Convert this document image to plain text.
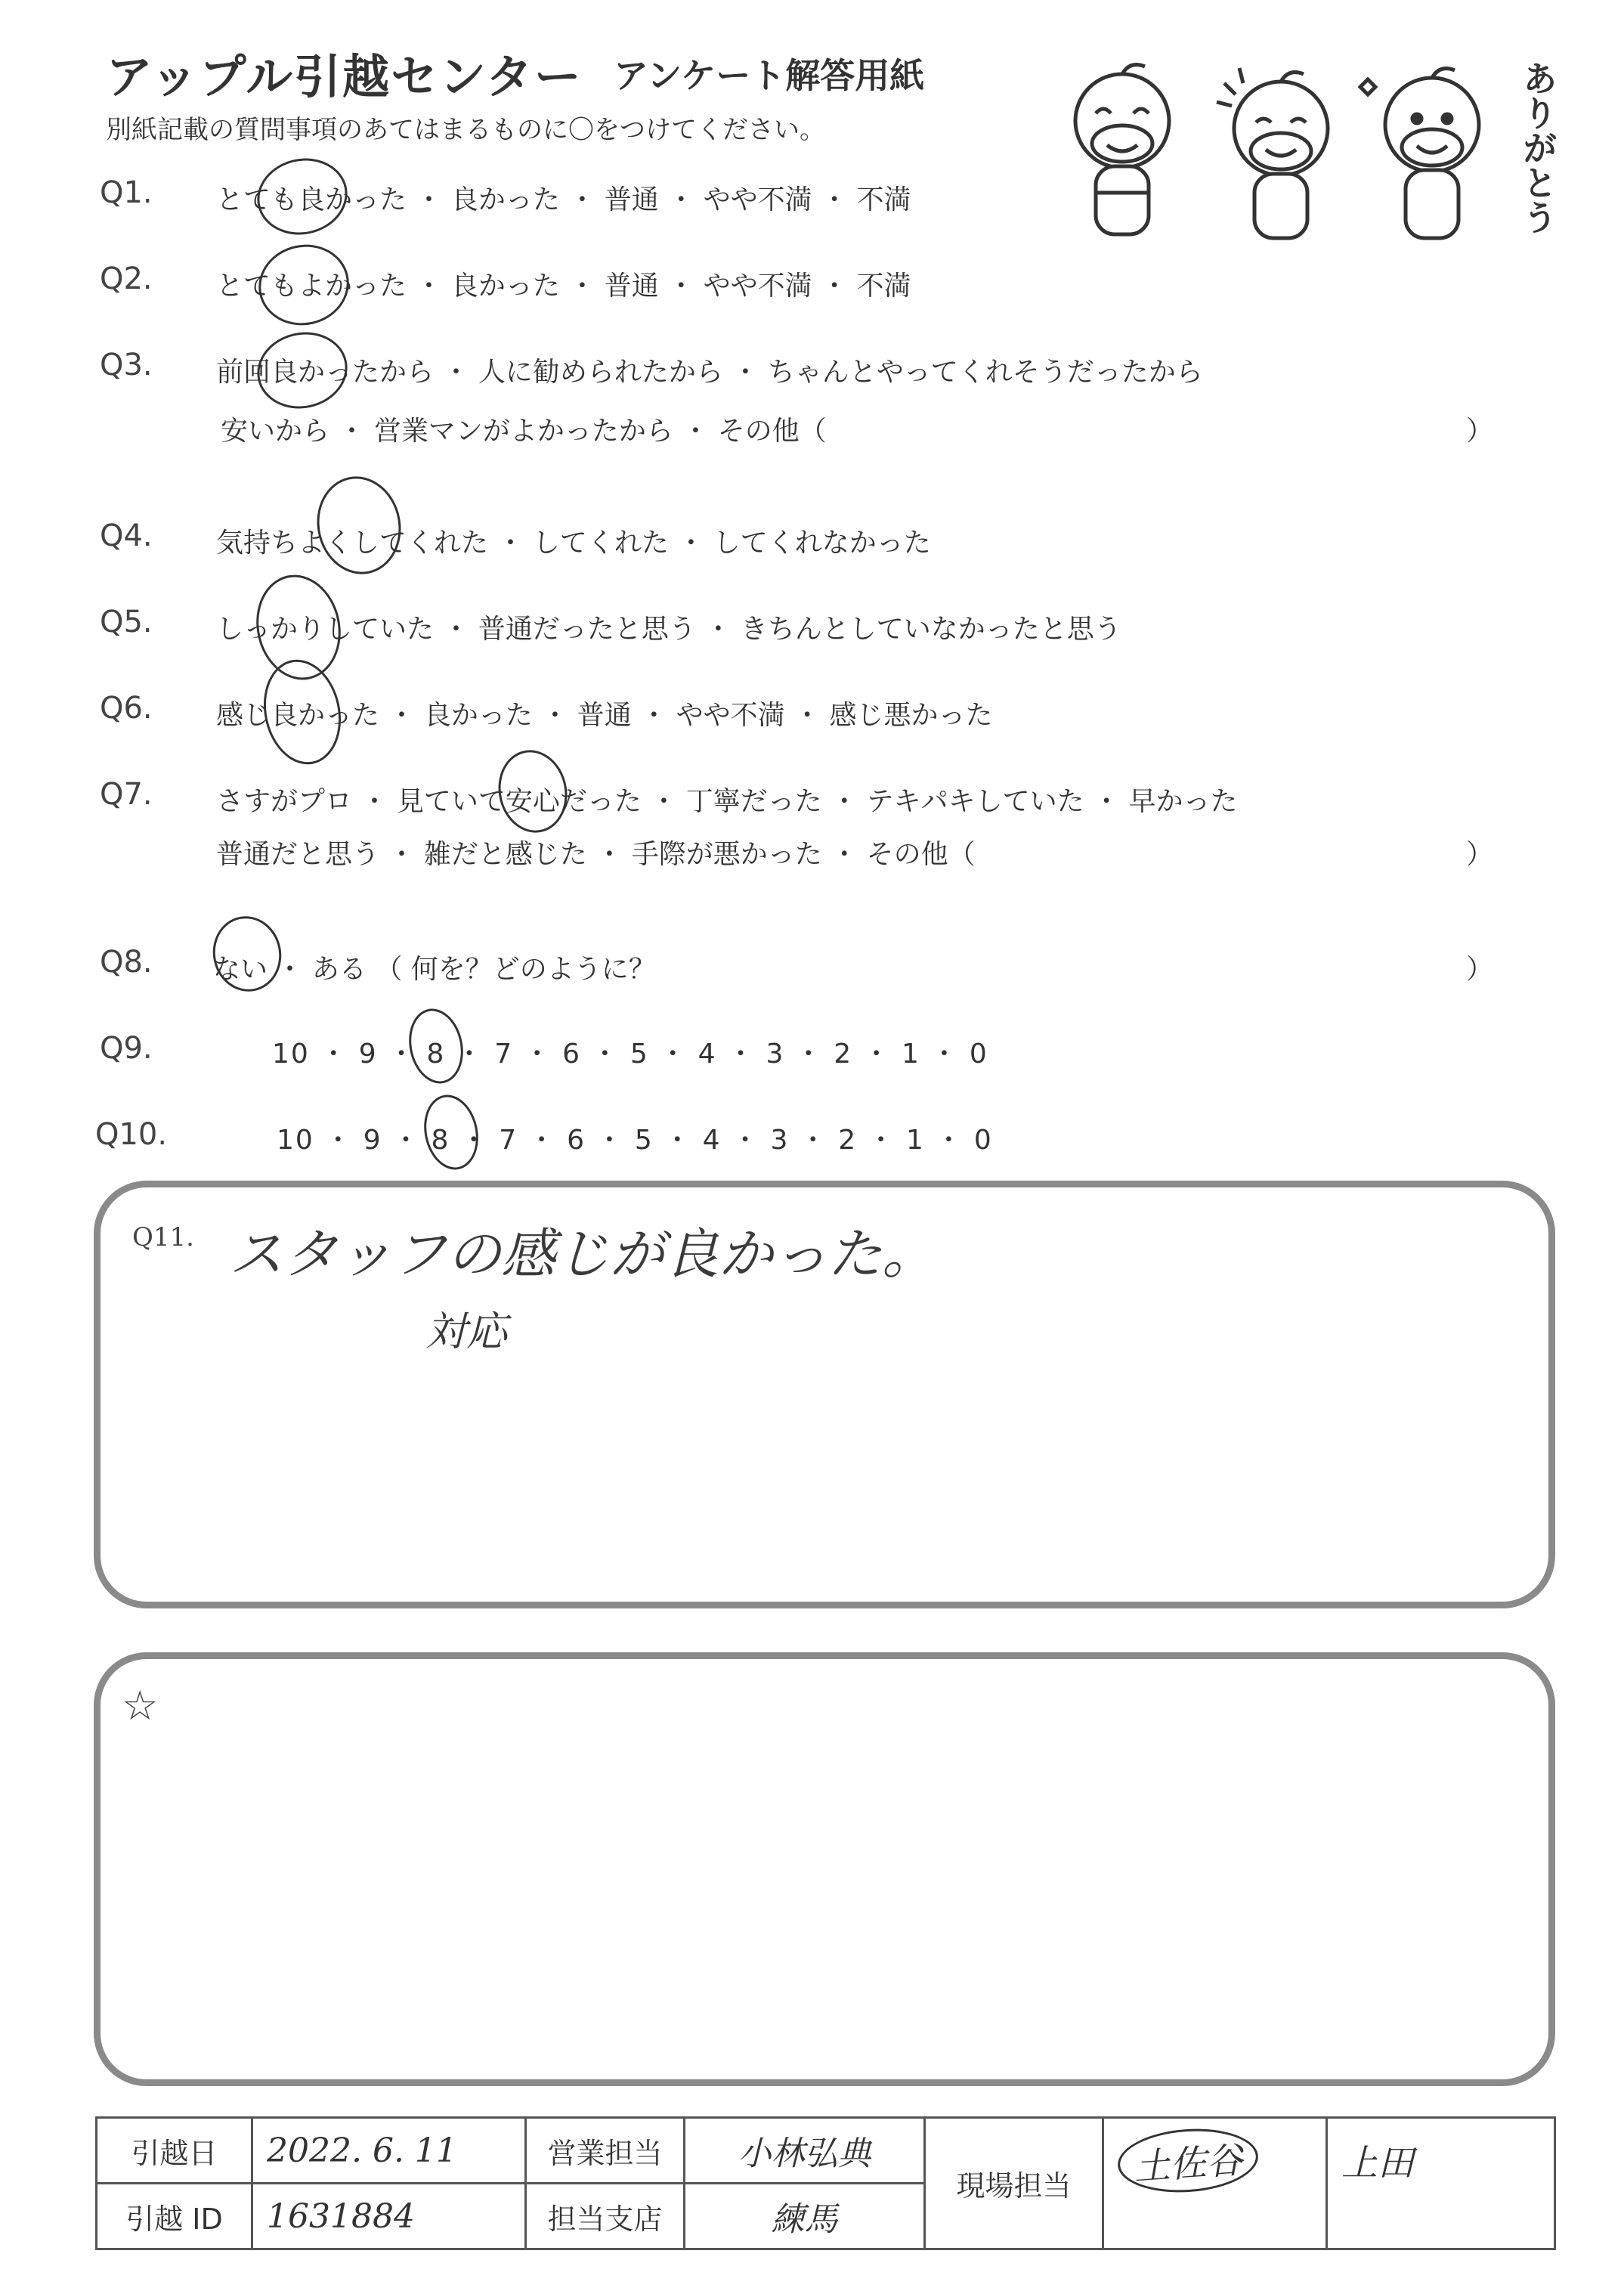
アップル引越センター アンケート解答用紙
別紙記載の質問事項のあてはまるものに〇をつけてください。	ありがとう
Q1. とても良かった ・ 良かった ・ 普通 ・ やや不満 ・ 不満
Q2. とてもよかった ・ 良かった ・ 普通 ・ やや不満 ・ 不満
Q3. 前回良かったから ・ 人に勧められたから ・ ちゃんとやってくれそうだったから
安いから ・ 営業マンがよかったから ・ その他（	）
Q4. 気持ちよくしてくれた ・ してくれた ・ してくれなかった
Q5. しっかりしていた ・ 普通だったと思う ・ きちんとしていなかったと思う
Q6. 感じ良かった ・ 良かった ・ 普通 ・ やや不満 ・ 感じ悪かった
Q7. さすがプロ ・ 見ていて安心だった ・ 丁寧だった ・ テキパキしていた ・ 早かった
普通だと思う ・ 雑だと感じた ・ 手際が悪かった ・ その他（	）
Q8. ない ・ ある （ 何を？どのように？	）
Q9.	10 ・ 9 ・ 8 ・ 7 ・ 6 ・ 5 ・ 4 ・ 3 ・ 2 ・ 1 ・ 0
Q10.	10 ・ 9 ・ 8 ・ 7 ・ 6 ・ 5 ・ 4 ・ 3 ・ 2 ・ 1 ・ 0
Q11. スタッフの感じが良かった。
対応
☆
引越日	2022. 6. 11	営業担当	小林弘典	現場担当	土佐谷	上田
引越 ID	1631884	担当支店	練馬			
